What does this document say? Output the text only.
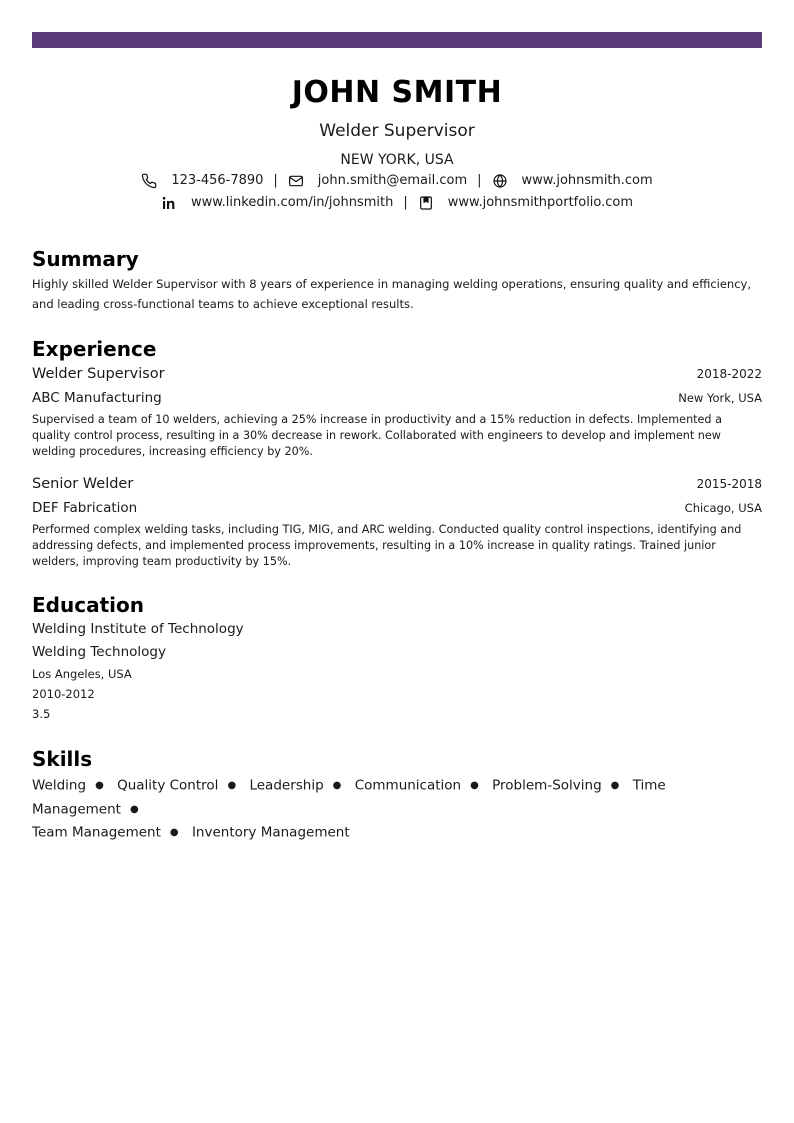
JOHN SMITH
Welder Supervisor
NEW YORK, USA
123-456-7890 |	john.smith@email.com |	www.johnsmith.com
www.linkedin.com/in/johnsmith |	www.johnsmithportfolio.com
Summary
Highly skilled Welder Supervisor with 8 years of experience in managing welding operations, ensuring quality and efficiency, and leading cross-functional teams to achieve exceptional results.
Experience
Welder Supervisor	2018-2022
ABC Manufacturing	New York, USA
Supervised a team of 10 welders, achieving a 25% increase in productivity and a 15% reduction in defects. Implemented a quality control process, resulting in a 30% decrease in rework. Collaborated with engineers to develop and implement new welding procedures, increasing efficiency by 20%.
Senior Welder	2015-2018
DEF Fabrication	Chicago, USA
Performed complex welding tasks, including TIG, MIG, and ARC welding. Conducted quality control inspections, identifying and addressing defects, and implemented process improvements, resulting in a 10% increase in quality ratings. Trained junior welders, improving team productivity by 15%.
Education
Welding Institute of Technology
Welding Technology
Los Angeles, USA
2010-2012
3.5
Skills
Welding ● Quality Control ● Leadership ● Communication ● Problem-Solving ● Time Management ●
Team Management ● Inventory Management
